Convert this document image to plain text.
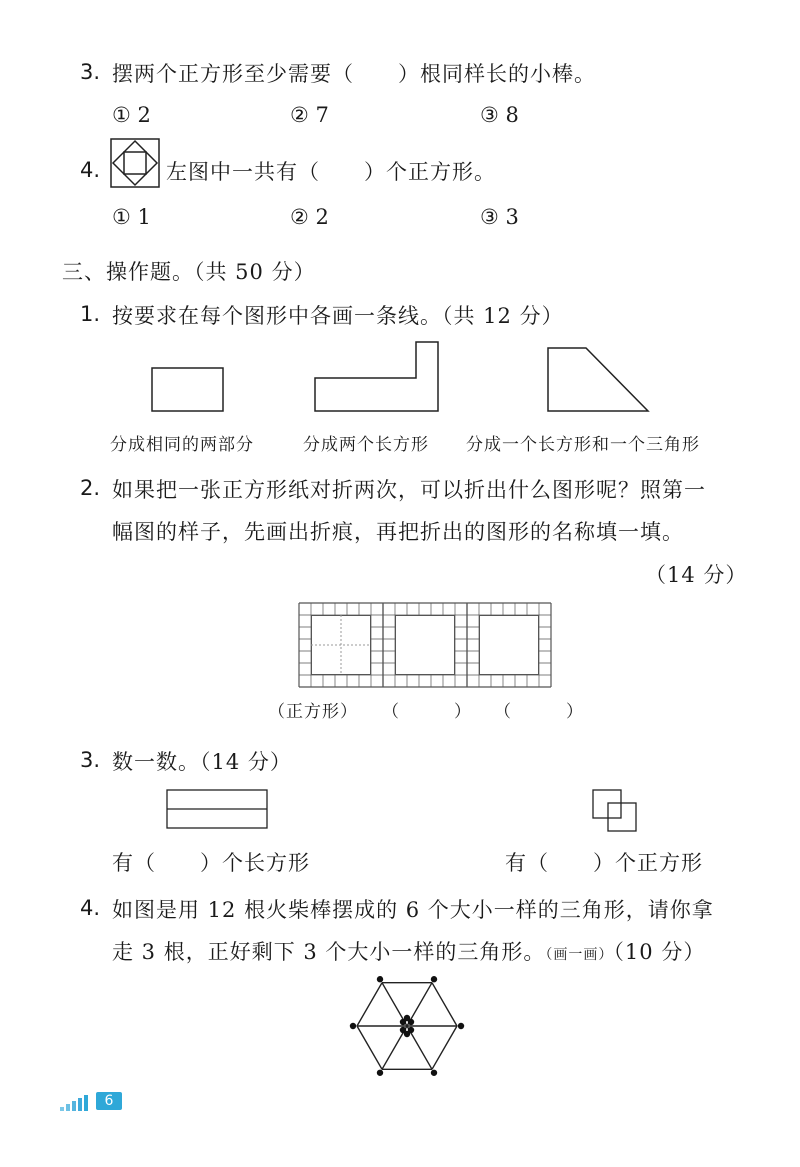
3. 摆两个正方形至少需要（　　）根同样长的小棒。
① 2	② 7	③ 8
4.	左图中一共有（　　）个正方形。
① 1	② 2	③ 3
三、操作题。（共 50 分）
1. 按要求在每个图形中各画一条线。（共 12 分）
分成相同的两部分	分成两个长方形 分成一个长方形和一个三角形
2. 如果把一张正方形纸对折两次，可以折出什么图形呢？照第一
幅图的样子，先画出折痕，再把折出的图形的名称填一填。
（14 分）
（正方形） （　　　） （　　　）
3. 数一数。（14 分）
有（　　）个长方形	有（　　）个正方形
4. 如图是用 12 根火柴棒摆成的 6 个大小一样的三角形，请你拿
走 3 根，正好剩下 3 个大小一样的三角形。（画一画）（10 分）
6
